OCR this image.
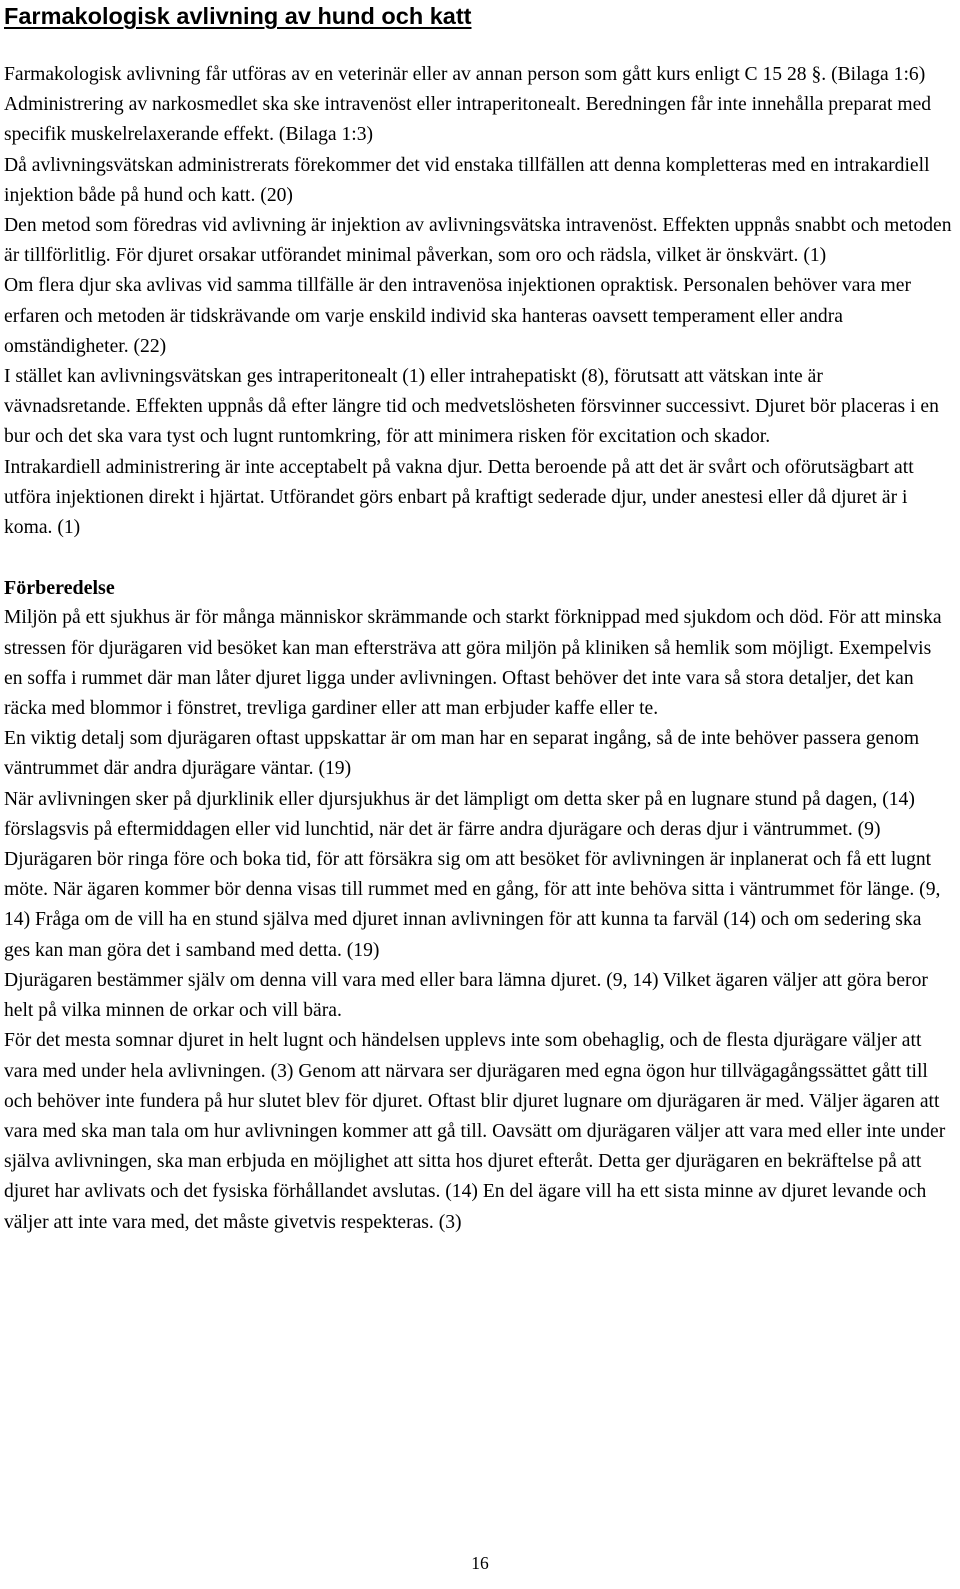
Farmakologisk avlivning av hund och katt

Farmakologisk avlivning får utföras av en veterinär eller av annan person som gått kurs enligt C 15 28 §. (Bilaga 1:6) Administrering av narkosmedlet ska ske intravenöst eller intraperitonealt. Beredningen får inte innehålla preparat med specifik muskelrelaxerande effekt. (Bilaga 1:3)

Då avlivningsvätskan administrerats förekommer det vid enstaka tillfällen att denna kompletteras med en intrakardiell injektion både på hund och katt. (20)

Den metod som föredras vid avlivning är injektion av avlivningsvätska intravenöst. Effekten uppnås snabbt och metoden är tillförlitlig. För djuret orsakar utförandet minimal påverkan, som oro och rädsla, vilket är önskvärt. (1)

Om flera djur ska avlivas vid samma tillfälle är den intravenösa injektionen opraktisk. Personalen behöver vara mer erfaren och metoden är tidskrävande om varje enskild individ ska hanteras oavsett temperament eller andra omständigheter. (22)

I stället kan avlivningsvätskan ges intraperitonealt (1) eller intrahepatiskt (8), förutsatt att vätskan inte är vävnadsretande. Effekten uppnås då efter längre tid och medvetslösheten försvinner successivt. Djuret bör placeras i en bur och det ska vara tyst och lugnt runtomkring, för att minimera risken för excitation och skador.

Intrakardiell administrering är inte acceptabelt på vakna djur. Detta beroende på att det är svårt och oförutsägbart att utföra injektionen direkt i hjärtat. Utförandet görs enbart på kraftigt sederade djur, under anestesi eller då djuret är i koma. (1)

Förberedelse

Miljön på ett sjukhus är för många människor skrämmande och starkt förknippad med sjukdom och död. För att minska stressen för djurägaren vid besöket kan man eftersträva att göra miljön på kliniken så hemlik som möjligt. Exempelvis en soffa i rummet där man låter djuret ligga under avlivningen. Oftast behöver det inte vara så stora detaljer, det kan räcka med blommor i fönstret, trevliga gardiner eller att man erbjuder kaffe eller te.

En viktig detalj som djurägaren oftast uppskattar är om man har en separat ingång, så de inte behöver passera genom väntrummet där andra djurägare väntar. (19)

När avlivningen sker på djurklinik eller djursjukhus är det lämpligt om detta sker på en lugnare stund på dagen, (14) förslagsvis på eftermiddagen eller vid lunchtid, när det är färre andra djurägare och deras djur i väntrummet. (9)

Djurägaren bör ringa före och boka tid, för att försäkra sig om att besöket för avlivningen är inplanerat och få ett lugnt möte. När ägaren kommer bör denna visas till rummet med en gång, för att inte behöva sitta i väntrummet för länge. (9, 14) Fråga om de vill ha en stund själva med djuret innan avlivningen för att kunna ta farväl (14) och om sedering ska ges kan man göra det i samband med detta. (19)

Djurägaren bestämmer själv om denna vill vara med eller bara lämna djuret. (9, 14) Vilket ägaren väljer att göra beror helt på vilka minnen de orkar och vill bära.

För det mesta somnar djuret in helt lugnt och händelsen upplevs inte som obehaglig, och de flesta djurägare väljer att vara med under hela avlivningen. (3) Genom att närvara ser djurägaren med egna ögon hur tillvägagångssättet gått till och behöver inte fundera på hur slutet blev för djuret. Oftast blir djuret lugnare om djurägaren är med. Väljer ägaren att vara med ska man tala om hur avlivningen kommer att gå till. Oavsätt om djurägaren väljer att vara med eller inte under själva avlivningen, ska man erbjuda en möjlighet att sitta hos djuret efteråt. Detta ger djurägaren en bekräftelse på att djuret har avlivats och det fysiska förhållandet avslutas. (14) En del ägare vill ha ett sista minne av djuret levande och väljer att inte vara med, det måste givetvis respekteras. (3)

16
